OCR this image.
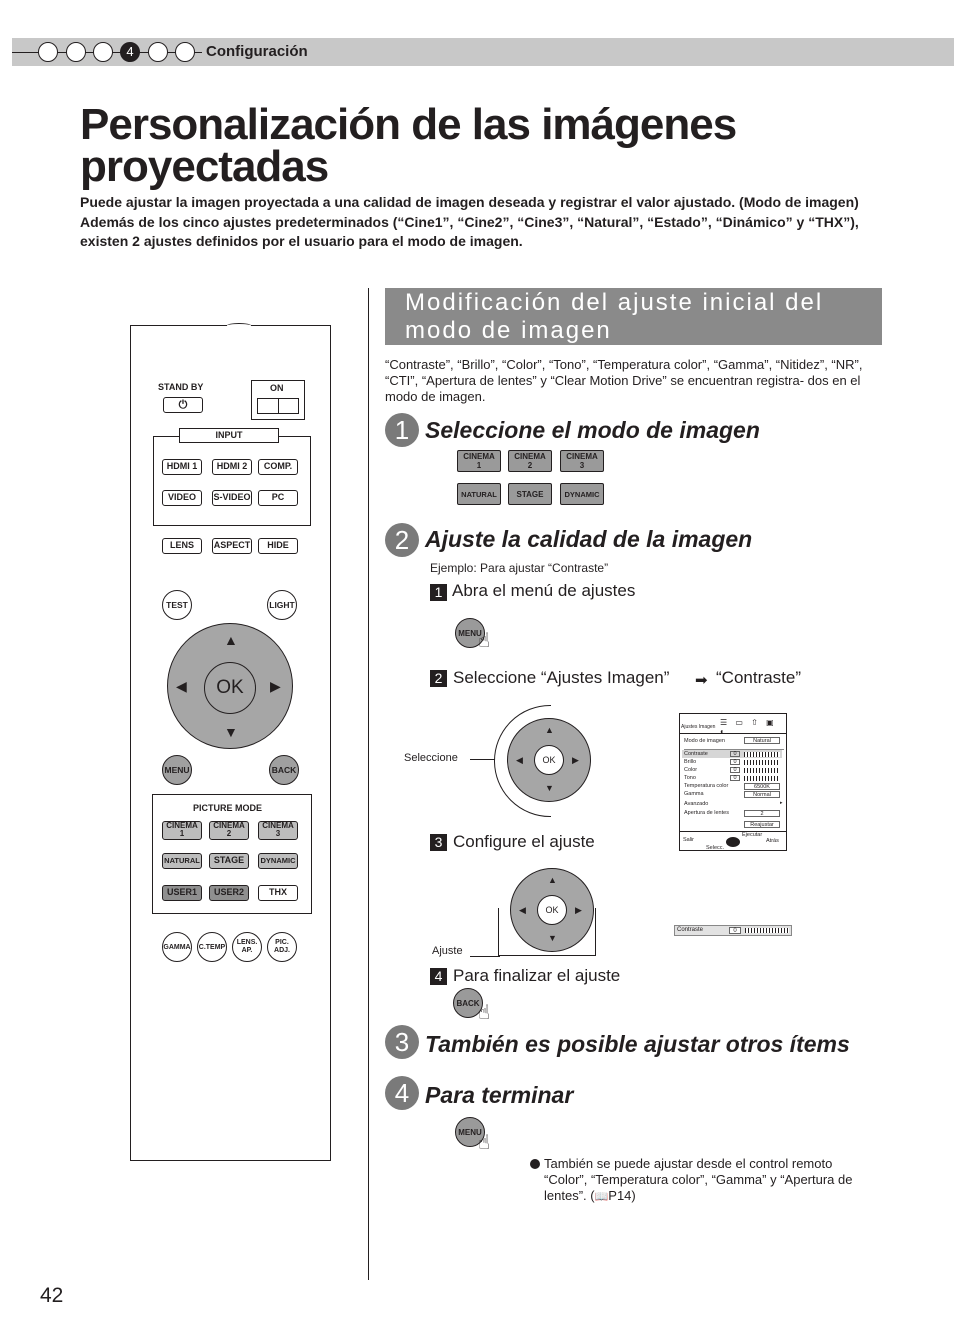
4	Configuración
Personalización de las imágenes proyectadas
Puede ajustar la imagen proyectada a una calidad de imagen deseada y registrar el valor ajustado. (Modo de imagen) Además de los cinco ajustes predeterminados (“Cine1”, “Cine2”, “Cine3”, “Natural”, “Estado”, “Dinámico” y “THX”), existen 2 ajustes definidos por el usuario para el modo de imagen.
STAND BY
⏻
ON
INPUT
HDMI 1	HDMI 2	COMP.
VIDEO	S-VIDEO	PC
LENS	ASPECT	HIDE
TEST	LIGHT
OK
▲
▼
◀	▶
MENU	BACK
PICTURE MODE
CINEMA
1
CINEMA
2
CINEMA
3
NATURAL	STAGE	DYNAMIC
USER1	USER2	THX
GAMMA C.TEMP
LENS.
AP.
PIC.
ADJ.
Modificación del ajuste inicial del modo de imagen
“Contraste”, “Brillo”, “Color”, “Tono”, “Temperatura color”, “Gamma”, “Nitidez”, “NR”, “CTI”, “Apertura de lentes” y “Clear Motion Drive” se encuentran registra- dos en el modo de imagen.
1 Seleccione el modo de imagen
CINEMA
1
CINEMA
2
CINEMA
3
NATURAL	STAGE	DYNAMIC
2 Ajuste la calidad de la imagen
Ejemplo: Para ajustar “Contraste”
1 Abra el menú de ajustes
MENU
☝
2 Seleccione “Ajustes Imagen” ➡ “Contraste”
Seleccione	OK
▲
▼
◀	▶
Ajustes Imagen ☰ ▭ ⇧ ▣ ◐
Modo de imagen	Natural
Contraste	0
Brillo	0
Color	0
Tono	0
Temperatura color	6500K
Gamma	Normal
Avanzado	▸
Apertura de lentes	2
Reajustar
Salir
Ejecutar
Selecc.
Atrás
3 Configure el ajuste
OK
▲
▼
◀	▶
Ajuste
Contraste	0
4 Para finalizar el ajuste
BACK
☝
3 También es posible ajustar otros ítems
4 Para terminar
MENU
☝
También se puede ajustar desde el control remoto “Color”, “Temperatura color”, “Gamma” y “Apertura de lentes”. (📖P14)
42
